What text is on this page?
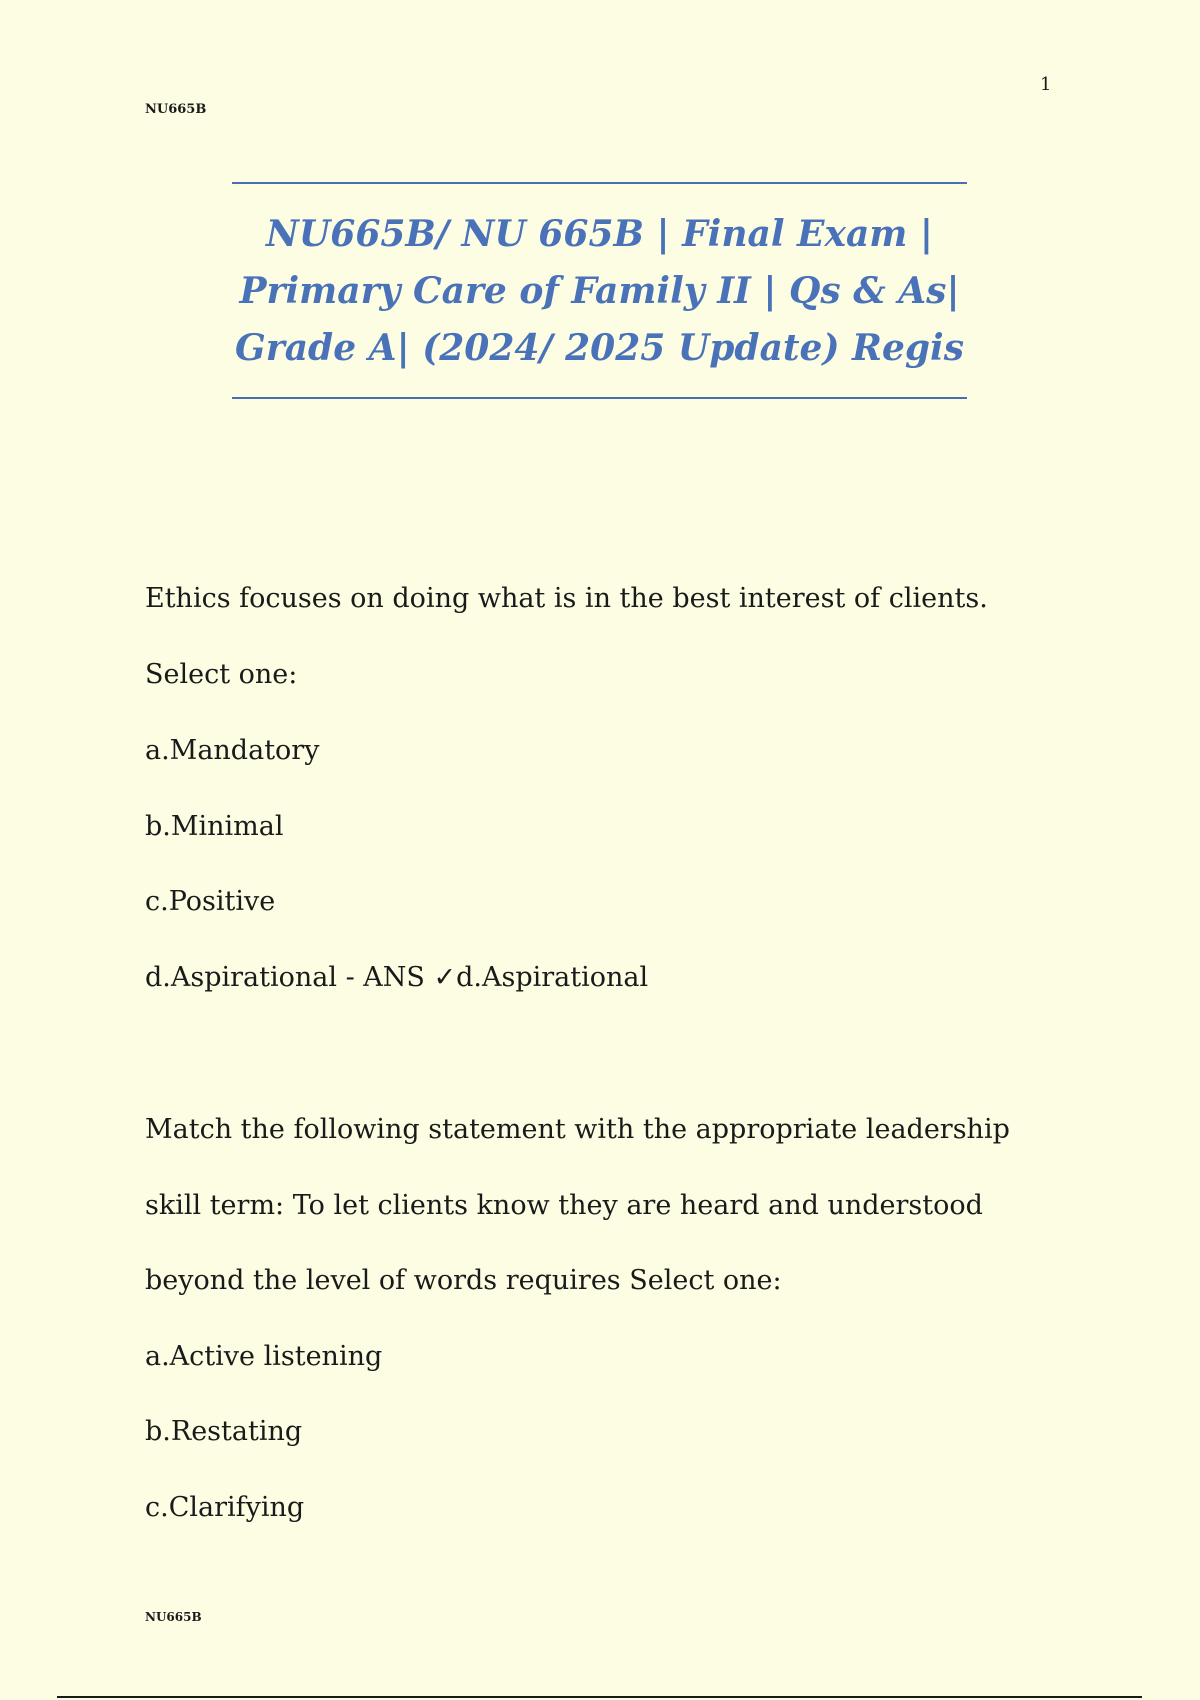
1
NU665B
NU665B/ NU 665B | Final Exam |
Primary Care of Family II | Qs & As|
Grade A| (2024/ 2025 Update) Regis
Ethics focuses on doing what is in the best interest of clients.
Select one:
a.Mandatory
b.Minimal
c.Positive
d.Aspirational - ANS ✓d.Aspirational
Match the following statement with the appropriate leadership
skill term: To let clients know they are heard and understood
beyond the level of words requires Select one:
a.Active listening
b.Restating
c.Clarifying
NU665B
